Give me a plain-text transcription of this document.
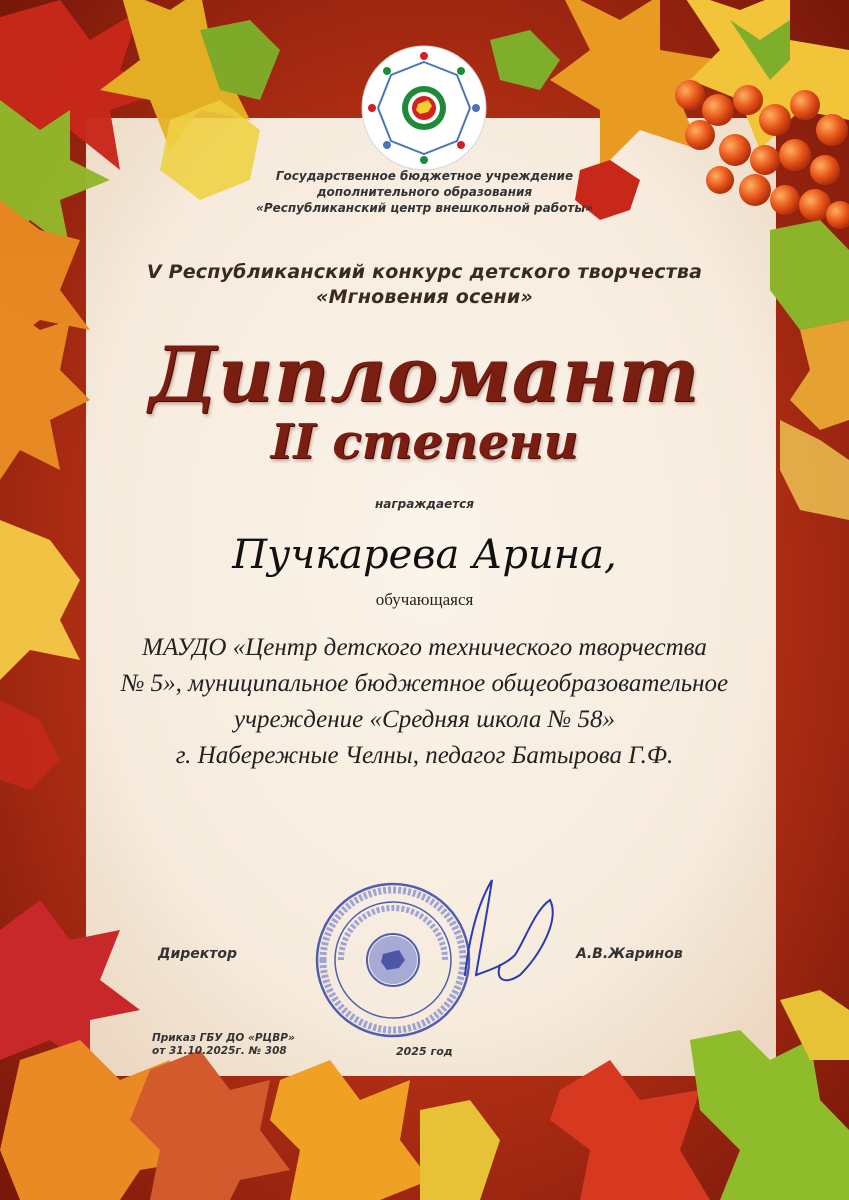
Государственное бюджетное учреждение
дополнительного образования
«Республиканский центр внешкольной работы»
V Республиканский конкурс детского творчества
«Мгновения осени»
Дипломант
II степени
награждается
Пучкарева Арина,
обучающаяся
МАУДО «Центр детского технического творчества
№ 5», муниципальное бюджетное общеобразовательное
учреждение «Средняя школа № 58»
г. Набережные Челны, педагог Батырова Г.Ф.
Директор	А.В.Жаринов
2025 год
Приказ ГБУ ДО «РЦВР»
от 31.10.2025г. № 308
